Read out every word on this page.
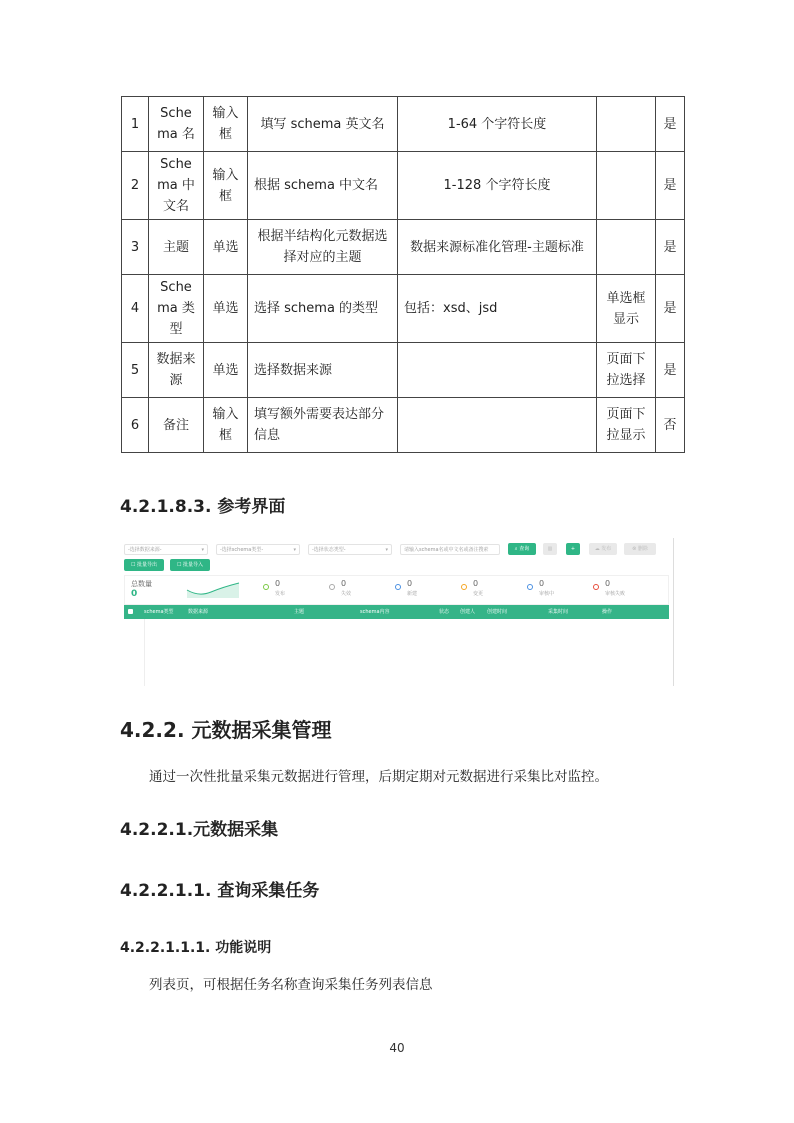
1	Schema 名	输入框	填写 schema 英文名	1-64 个字符长度		是
2	Schema 中文名	输入框	根据 schema 中文名	1-128 个字符长度		是
3	主题	单选	根据半结构化元数据选择对应的主题	数据来源标准化管理-主题标准		是
4	Schema 类型	单选	选择 schema 的类型	包括：xsd、jsd	单选框显示	是
5	数据来源	单选	选择数据来源		页面下拉选择	是
6	备注	输入框	填写额外需要表达部分信息		页面下拉显示	否
4.2.1.8.3. 参考界面
-选择数据来源-	▾	-选择schema类型-	▾	-选择状态类型-	▾	请输入schema名或中文名或备注搜索	⌕ 查询	▥	+	☁ 发布	⊗ 删除
☐ 批量导出	☐ 批量导入
总数量
0
0
发布
0
失效
0
新建
0
变更
0
审核中
0
审核失败
schema类型	数据来源	主题	schema内容	状态 创建人 创建时间	采集时间	操作
4.2.2. 元数据采集管理

通过一次性批量采集元数据进行管理，后期定期对元数据进行采集比对监控。

4.2.2.1.元数据采集
4.2.2.1.1. 查询采集任务
4.2.2.1.1.1. 功能说明

列表页，可根据任务名称查询采集任务列表信息

40
